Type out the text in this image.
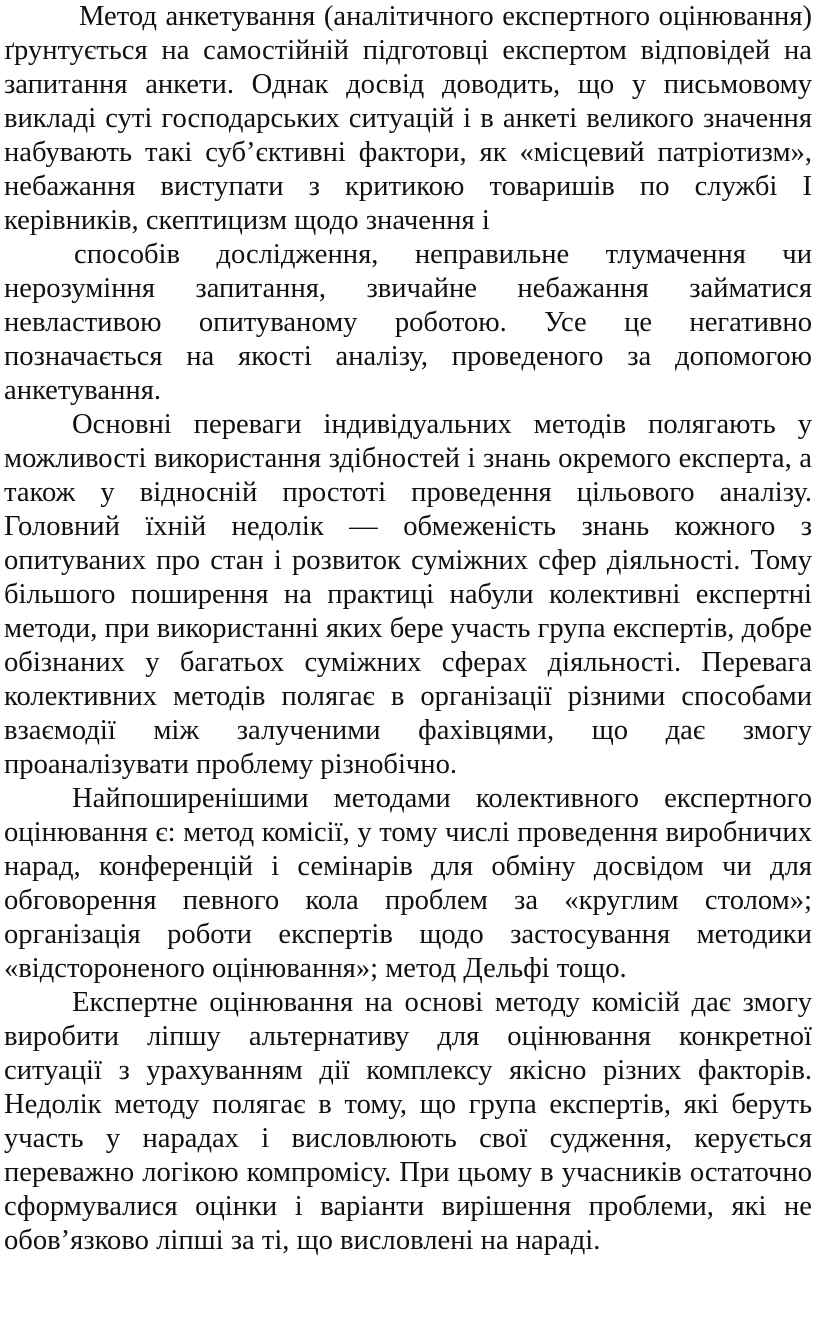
Метод анкетування (аналітичного експертного оцінювання) ґрунтується на самостійній підготовці експертом відповідей на запитання анкети. Однак досвід доводить, що у письмовому викладі суті господарських ситуацій і в анкеті великого значення набувають такі суб’єктивні фактори, як «місцевий патріотизм», небажання виступати з критикою товаришів по службі І керівників, скептицизм щодо значення і

способів дослідження, неправильне тлумачення чи нерозуміння запитання, звичайне небажання займатися невластивою опитуваному роботою. Усе це негативно позначається на якості аналізу, проведеного за допомогою анкетування.

Основні переваги індивідуальних методів полягають у можливості використання здібностей і знань окремого експерта, а також у відносній простоті проведення цільового аналізу. Головний їхній недолік — обмеженість знань кожного з опитуваних про стан і розвиток суміжних сфер діяльності. Тому більшого поширення на практиці набули колективні експертні методи, при використанні яких бере участь група експертів, добре обізнаних у багатьох суміжних сферах діяльності. Перевага колективних методів полягає в організації різними способами взаємодії між залученими фахівцями, що дає змогу проаналізувати проблему різнобічно.

Найпоширенішими методами колективного експертного оцінювання є: метод комісії, у тому числі проведення виробничих нарад, конференцій і семінарів для обміну досвідом чи для обговорення певного кола проблем за «круглим столом»; організація роботи експертів щодо застосування методики «відстороненого оцінювання»; метод Дельфі тощо.

Експертне оцінювання на основі методу комісій дає змогу виробити ліпшу альтернативу для оцінювання конкретної ситуації з урахуванням дії комплексу якісно різних факторів. Недолік методу полягає в тому, що група експертів, які беруть участь у нарадах і висловлюють свої судження, керується переважно логікою компромісу. При цьому в учасників остаточно сформувалися оцінки і варіанти вирішення проблеми, які не обов’язково ліпші за ті, що висловлені на нараді.
